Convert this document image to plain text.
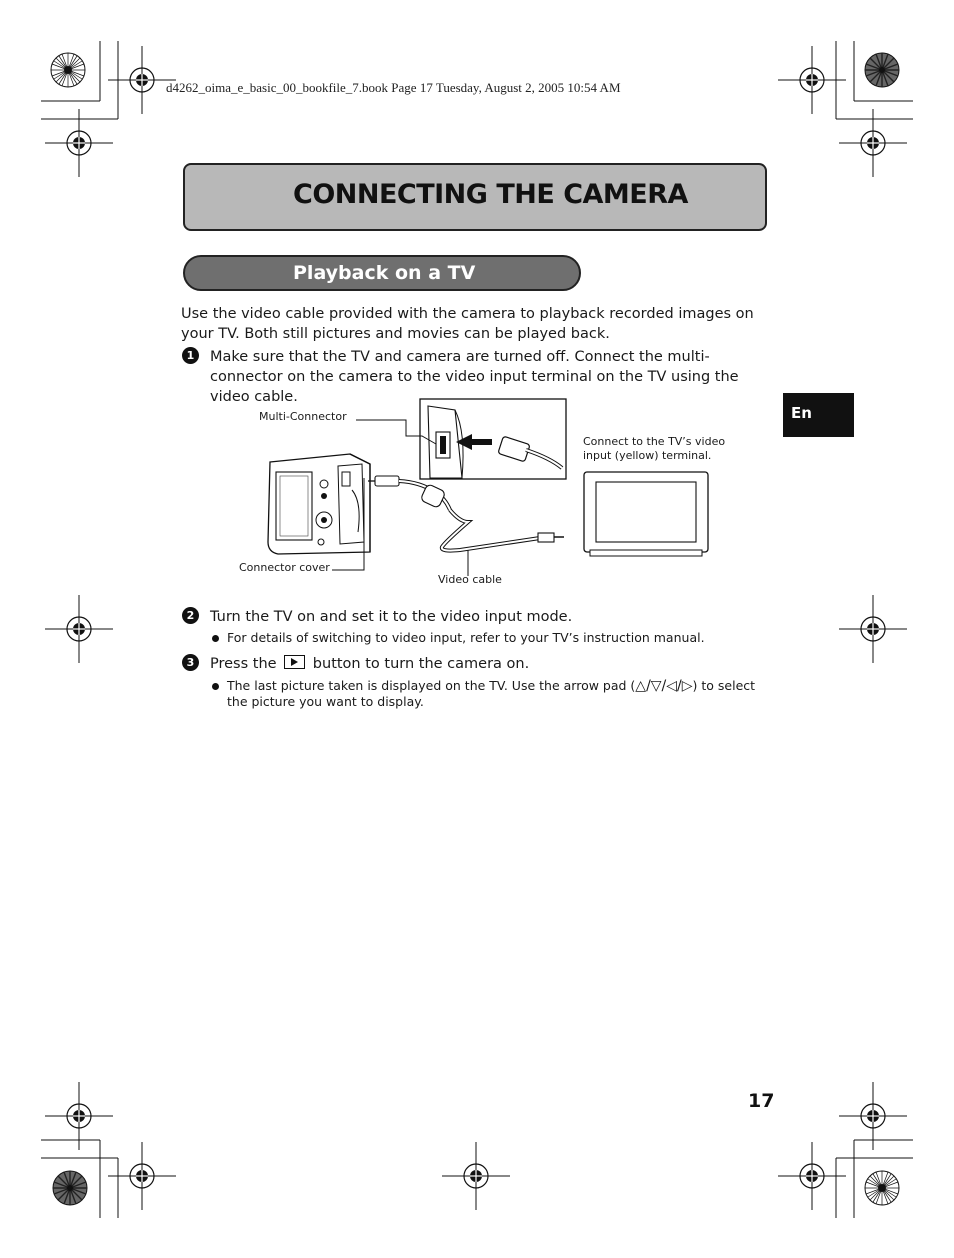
d4262_oima_e_basic_00_bookfile_7.book Page 17 Tuesday, August 2, 2005 10:54 AM
CONNECTING THE CAMERA
Playback on a TV
Use the video cable provided with the camera to playback recorded images on your TV. Both still pictures and movies can be played back.
1	Make sure that the TV and camera are turned off. Connect the multi-connector on the camera to the video input terminal on the TV using the video cable.
Multi-Connector
Connect to the TV’s video
input (yellow) terminal.
Connector cover
Video cable
2	Turn the TV on and set it to the video input mode.
For details of switching to video input, refer to your TV’s instruction manual.
3	Press the button to turn the camera on.
The last picture taken is displayed on the TV. Use the arrow pad (△/▽/◁/▷) to select the picture you want to display.
En
17
